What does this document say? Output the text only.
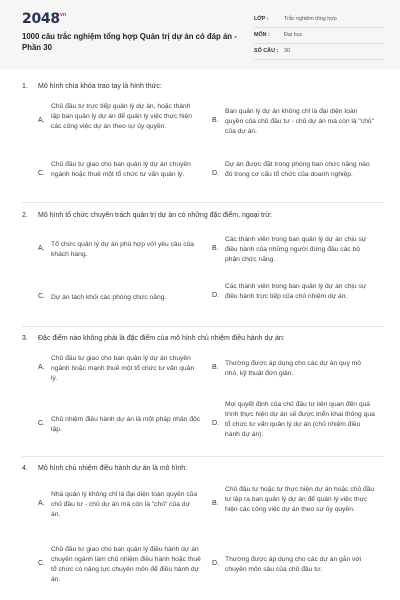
$2048^{vn}$
1000 câu trắc nghiệm tổng hợp Quản trị dự án có đáp án - Phần 30
LỚP :	Trắc nghiệm tổng hợp
MÔN :	Đại học
SỐ CÂU : 30
1. Mô hình chìa khóa trao tay là hình thức:
A.
Chủ đầu tư trực tiếp quản lý dự án, hoặc thành lập ban quản lý dự án để quản lý việc thực hiện các công việc dự án theo sự ủy quyền.
B.
Ban quản lý dự án không chỉ là đại diện toàn quyền của chủ đầu tư - chủ dự án mà còn là "chủ" của dự án.
C.
Chủ đầu tư giao cho ban quản lý dự án chuyên ngành hoặc thuê một tổ chức tư vấn quản lý.	D.
Dự án được đặt trong phòng ban chức năng nào đó trong cơ cấu tổ chức của doanh nghiệp.
2. Mô hình tổ chức chuyên trách quản trị dự án có những đặc điểm, ngoại trừ:
A.
Tổ chức quản lý dự án phù hợp với yêu cầu của khách hàng.
B.
Các thành viên trong ban quản lý dự án chịu sự điều hành của những người đứng đầu các bộ phận chức năng.
C. Dự án tách khỏi các phòng chức năng.	D.
Các thành viên trong ban quản lý dự án chịu sự điều hành trực tiếp của chủ nhiệm dự án.
3. Đặc điểm nào không phải là đặc điểm của mô hình chủ nhiệm điều hành dự án:
A.
Chủ đầu tư giao cho ban quản lý dự án chuyên ngành hoặc mạnh thuê một tổ chức tư vấn quản lý.
B.
Thường được áp dụng cho các dự án quy mô nhỏ, kỹ thuật đơn giản.
C.
Chủ nhiệm điều hành dự án là một pháp nhân độc lập.
D.
Mọi quyết định của chủ đầu tư liên quan đến quá trình thực hiện dự án sẽ được triển khai thông qua tổ chức tư vấn quản lý dự án (chủ nhiệm điều hành dự án).
4. Mô hình chủ nhiệm điều hành dự án là mô hình:
A.
Nhà quản lý không chỉ là đại diện toàn quyền của chủ đầu tư - chủ dự án mà còn là "chủ" của dự án.
B.
Chủ đầu tư hoặc tự thực hiện dự án hoặc chủ đầu tư lập ra ban quản lý dự án để quản lý việc thực hiện các công việc dự án theo sự ủy quyền.
C.
Chủ đầu tư giao cho ban quản lý điều hành dự án chuyên ngành làm chủ nhiệm điều hành hoặc thuê tổ chức có năng lực chuyên môn để điều hành dự án.
D.
Thường được áp dụng cho các dự án gắn với chuyên môn sâu của chủ đầu tư.
